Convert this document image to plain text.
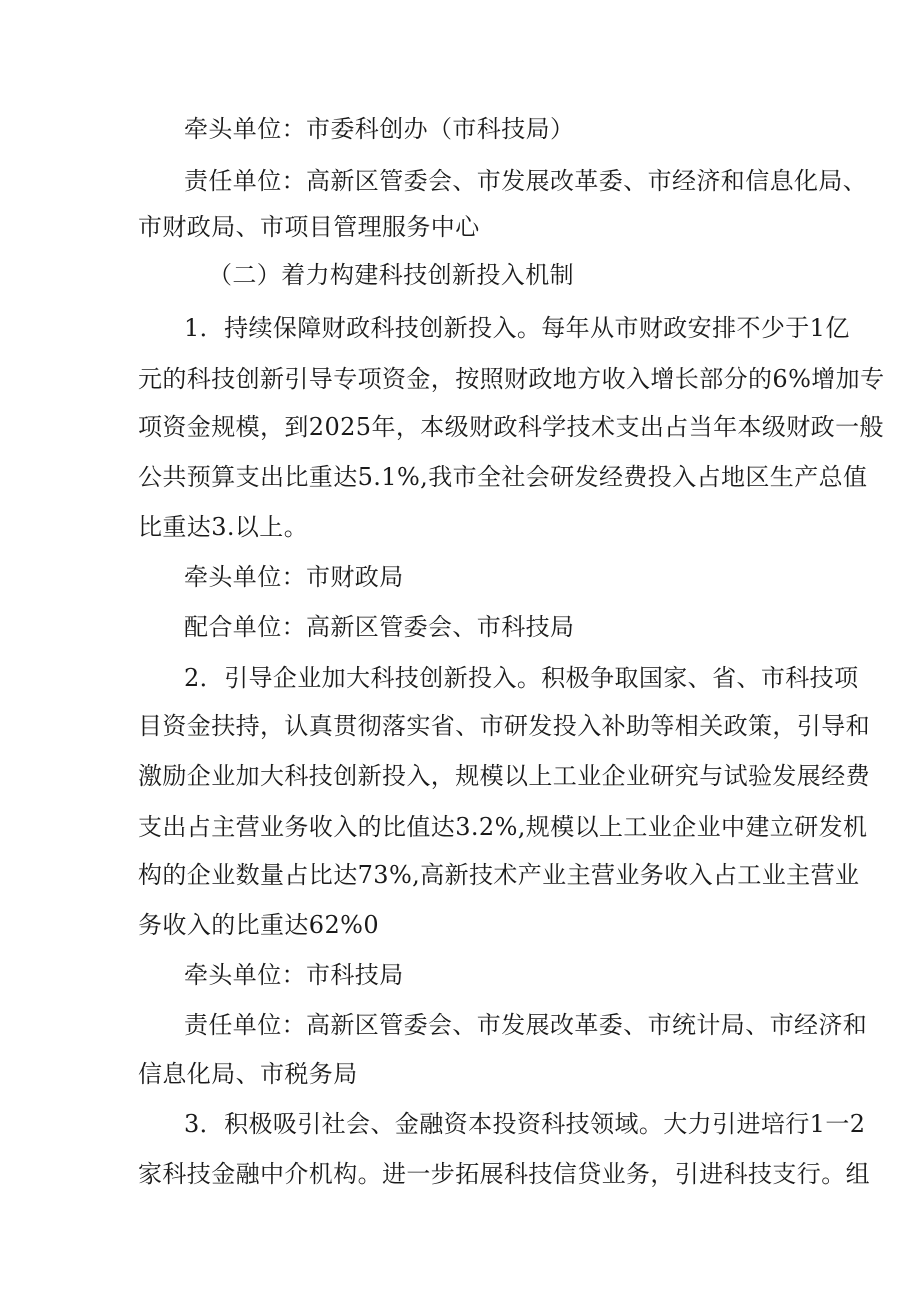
牵头单位：市委科创办（市科技局）
责任单位：高新区管委会、市发展改革委、市经济和信息化局、
市财政局、市项目管理服务中心
（二）着力构建科技创新投入机制
1．持续保障财政科技创新投入。每年从市财政安排不少于1亿
元的科技创新引导专项资金，按照财政地方收入增长部分的6%增加专
项资金规模，到2025年，本级财政科学技术支出占当年本级财政一般
公共预算支出比重达5.1%,我市全社会研发经费投入占地区生产总值
比重达3.以上。
牵头单位：市财政局
配合单位：高新区管委会、市科技局
2．引导企业加大科技创新投入。积极争取国家、省、市科技项
目资金扶持，认真贯彻落实省、市研发投入补助等相关政策，引导和
激励企业加大科技创新投入，规模以上工业企业研究与试验发展经费
支出占主营业务收入的比值达3.2%,规模以上工业企业中建立研发机
构的企业数量占比达73%,高新技术产业主营业务收入占工业主营业
务收入的比重达62%0
牵头单位：市科技局
责任单位：高新区管委会、市发展改革委、市统计局、市经济和
信息化局、市税务局
3．积极吸引社会、金融资本投资科技领域。大力引进培行1一2
家科技金融中介机构。进一步拓展科技信贷业务，引进科技支行。组
